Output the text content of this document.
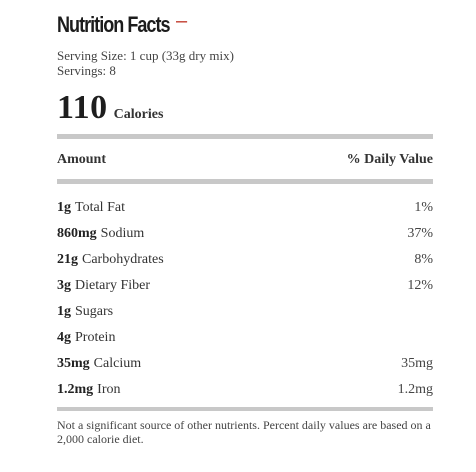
Nutrition Facts –
Serving Size: 1 cup (33g dry mix)
Servings: 8
110 Calories
Amount	% Daily Value
1g Total Fat	1%
860mg Sodium	37%
21g Carbohydrates	8%
3g Dietary Fiber	12%
1g Sugars
4g Protein
35mg Calcium	35mg
1.2mg Iron	1.2mg
Not a significant source of other nutrients. Percent daily values are based on a 2,000 calorie diet.
